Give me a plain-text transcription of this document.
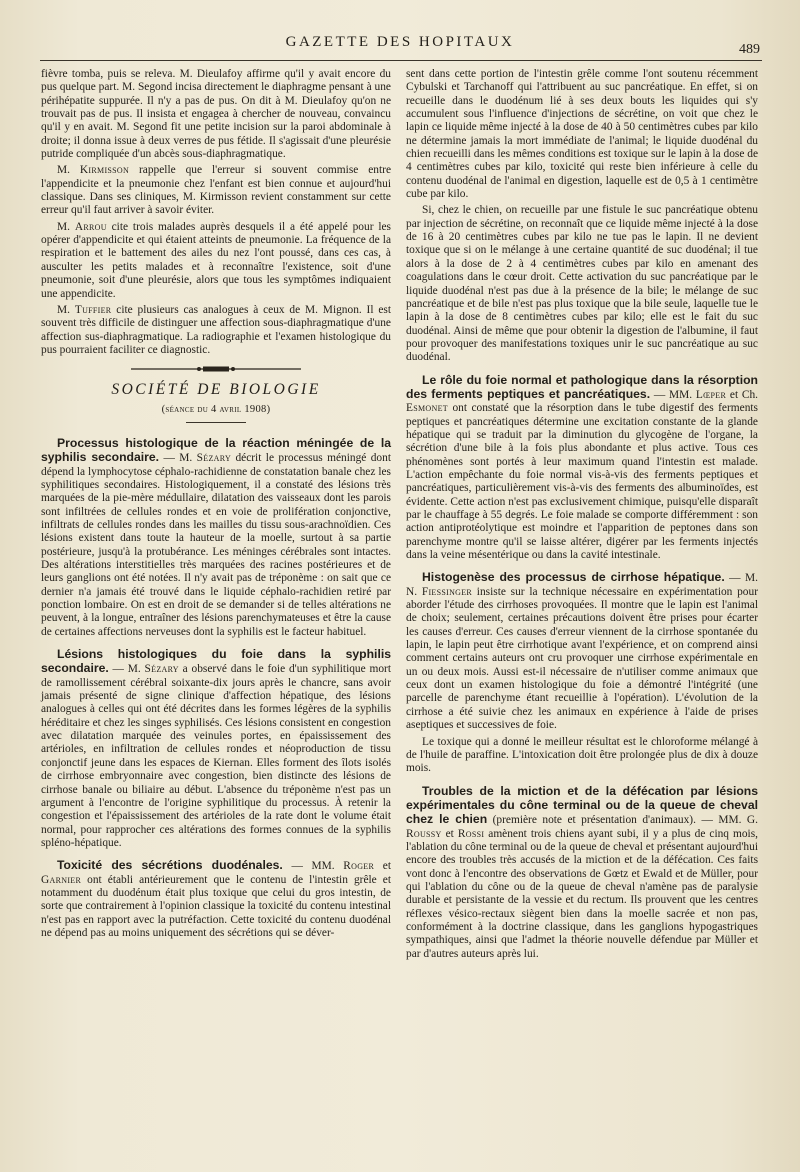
GAZETTE DES HOPITAUX	489

fièvre tomba, puis se releva. M. Dieulafoy affirme qu'il y avait encore du pus quelque part. M. Segond incisa directement le diaphragme pensant à une périhépatite suppurée. Il n'y a pas de pus. On dit à M. Dieulafoy qu'on ne trouvait pas de pus. Il insista et engagea à chercher de nouveau, convaincu qu'il y en avait. M. Segond fit une petite incision sur la paroi abdominale à droite; il donna issue à deux verres de pus fétide. Il s'agissait d'une pleurésie putride compliquée d'un abcès sous-diaphragmatique.

M. Kirmisson rappelle que l'erreur si souvent commise entre l'appendicite et la pneumonie chez l'enfant est bien connue et aujourd'hui classique. Dans ses cliniques, M. Kirmisson revient constamment sur cette erreur qu'il faut arriver à savoir éviter.

M. Arrou cite trois malades auprès desquels il a été appelé pour les opérer d'appendicite et qui étaient atteints de pneumonie. La fréquence de la respiration et le battement des ailes du nez l'ont poussé, dans ces cas, à ausculter les petits malades et à reconnaître l'existence, soit d'une pneumonie, soit d'une pleurésie, alors que tous les symptômes indiquaient une appendicite.

M. Tuffier cite plusieurs cas analogues à ceux de M. Mignon. Il est souvent très difficile de distinguer une affection sous-diaphragmatique d'une affection sus-diaphragmatique. La radiographie et l'examen histologique du pus pourraient faciliter ce diagnostic.

SOCIÉTÉ DE BIOLOGIE
(séance du 4 avril 1908)

Processus histologique de la réaction méningée de la syphilis secondaire. — M. Sézary décrit le processus méningé dont dépend la lymphocytose céphalo-rachidienne de constatation banale chez les syphilitiques secondaires. Histologiquement, il a constaté des lésions très marquées de la pie-mère médullaire, dilatation des vaisseaux dont les parois sont infiltrées de cellules rondes et en voie de prolifération conjonctive, infiltrats de cellules rondes dans les mailles du tissu sous-arachnoïdien. Ces lésions existent dans toute la hauteur de la moelle, surtout à sa partie postérieure, jusqu'à la protubérance. Les méninges cérébrales sont intactes. Des altérations interstitielles très marquées des racines postérieures et de leurs ganglions ont été notées. Il n'y avait pas de tréponème : on sait que ce dernier n'a jamais été trouvé dans le liquide céphalo-rachidien retiré par ponction lombaire. On est en droit de se demander si de telles altérations ne peuvent, à la longue, entraîner des lésions parenchymateuses et être la cause de certaines affections nerveuses dont la syphilis est le facteur habituel.

Lésions histologiques du foie dans la syphilis secondaire. — M. Sézary a observé dans le foie d'un syphilitique mort de ramollissement cérébral soixante-dix jours après le chancre, sans avoir jamais présenté de signe clinique d'affection hépatique, des lésions analogues à celles qui ont été décrites dans les formes légères de la syphilis héréditaire et chez les singes syphilisés. Ces lésions consistent en congestion avec dilatation marquée des veinules portes, en épaississement des artérioles, en infiltration de cellules rondes et néoproduction de tissu conjonctif jeune dans les espaces de Kiernan. Elles forment des îlots isolés de cirrhose embryonnaire avec congestion, bien distincte des lésions de cirrhose banale ou biliaire au début. L'absence du tréponème n'est pas un argument à l'encontre de l'origine syphilitique du processus. À retenir la congestion et l'épaississement des artérioles de la rate dont le volume était normal, pour rapprocher ces altérations des formes connues de la syphilis spléno-hépatique.

Toxicité des sécrétions duodénales. — MM. Roger et Garnier ont établi antérieurement que le contenu de l'intestin grêle et notamment du duodénum était plus toxique que celui du gros intestin, de sorte que contrairement à l'opinion classique la toxicité du contenu intestinal n'est pas en rapport avec la putréfaction. Cette toxicité du contenu duodénal ne dépend pas au moins uniquement des sécrétions qui se déver-

sent dans cette portion de l'intestin grêle comme l'ont soutenu récemment Cybulski et Tarchanoff qui l'attribuent au suc pancréatique. En effet, si on recueille dans le duodénum lié à ses deux bouts les liquides qui s'y accumulent sous l'influence d'injections de sécrétine, on voit que chez le lapin ce liquide même injecté à la dose de 40 à 50 centimètres cubes par kilo ne détermine jamais la mort immédiate de l'animal; le liquide duodénal du chien recueilli dans les mêmes conditions est toxique sur le lapin à la dose de 4 centimètres cubes par kilo, toxicité qui reste bien inférieure à celle du contenu duodénal de l'animal en digestion, laquelle est de 0,5 à 1 centimètre cube par kilo.

Si, chez le chien, on recueille par une fistule le suc pancréatique obtenu par injection de sécrétine, on reconnaît que ce liquide même injecté à la dose de 16 à 20 centimètres cubes par kilo ne tue pas le lapin. Il ne devient toxique que si on le mélange à une certaine quantité de suc duodénal; il tue alors à la dose de 2 à 4 centimètres cubes par kilo en amenant des coagulations dans le cœur droit. Cette activation du suc pancréatique par le liquide duodénal n'est pas due à la présence de la bile; le mélange de suc pancréatique et de bile n'est pas plus toxique que la bile seule, laquelle tue le lapin à la dose de 8 centimètres cubes par kilo; elle est le fait du suc duodénal. Ainsi de même que pour obtenir la digestion de l'albumine, il faut pour provoquer des manifestations toxiques unir le suc pancréatique au suc duodénal.

Le rôle du foie normal et pathologique dans la résorption des ferments peptiques et pancréatiques. — MM. Lœper et Ch. Esmonet ont constaté que la résorption dans le tube digestif des ferments peptiques et pancréatiques détermine une excitation constante de la glande hépatique qui se traduit par la diminution du glycogène de l'organe, la sécrétion d'une bile à la fois plus abondante et plus active. Tous ces phénomènes sont portés à leur maximum quand l'intestin est malade. L'action empêchante du foie normal vis-à-vis des ferments peptiques et pancréatiques, particulièrement vis-à-vis des ferments des albuminoïdes, est évidente. Cette action n'est pas exclusivement chimique, puisqu'elle disparaît par le chauffage à 55 degrés. Le foie malade se comporte différemment : son action antiprotéolytique est moindre et l'apparition de peptones dans son parenchyme montre qu'il se laisse altérer, digérer par les ferments injectés dans la veine mésentérique ou dans la cavité intestinale.

Histogenèse des processus de cirrhose hépatique. — M. N. Fiessinger insiste sur la technique nécessaire en expérimentation pour aborder l'étude des cirrhoses provoquées. Il montre que le lapin est l'animal de choix; seulement, certaines précautions doivent être prises pour écarter les causes d'erreur. Ces causes d'erreur viennent de la cirrhose spontanée du lapin, le lapin peut être cirrhotique avant l'expérience, et on comprend ainsi comment certains auteurs ont cru provoquer une cirrhose expérimentale en un ou deux mois. Aussi est-il nécessaire de n'utiliser comme animaux que ceux dont un examen histologique du foie a démontré l'intégrité (une parcelle de parenchyme étant recueillie à l'opération). L'évolution de la cirrhose a été suivie chez les animaux en expérience à l'aide de prises aseptiques et successives de foie.

Le toxique qui a donné le meilleur résultat est le chloroforme mélangé à de l'huile de paraffine. L'intoxication doit être prolongée plus de dix à douze mois.

Troubles de la miction et de la défécation par lésions expérimentales du cône terminal ou de la queue de cheval chez le chien (première note et présentation d'animaux). — MM. G. Roussy et Rossi amènent trois chiens ayant subi, il y a plus de cinq mois, l'ablation du cône terminal ou de la queue de cheval et présentant aujourd'hui encore des troubles très accusés de la miction et de la défécation. Ces faits vont donc à l'encontre des observations de Gœtz et Ewald et de Müller, pour qui l'ablation du cône ou de la queue de cheval n'amène pas de paralysie durable et persistante de la vessie et du rectum. Ils prouvent que les centres réflexes vésico-rectaux siègent bien dans la moelle sacrée et non pas, conformément à la doctrine classique, dans les ganglions hypogastriques sympathiques, ainsi que l'admet la théorie nouvelle défendue par Müller et par d'autres auteurs après lui.
